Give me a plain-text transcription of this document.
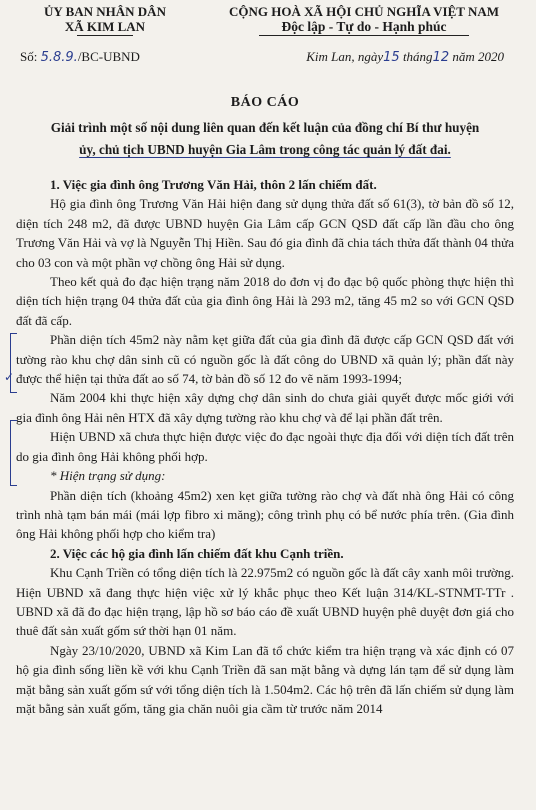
ỦY BAN NHÂN DÂN
XÃ KIM LAN
CỘNG HOÀ XÃ HỘI CHỦ NGHĨA VIỆT NAM
Độc lập - Tự do - Hạnh phúc
Số: 5.8.9./BC-UBND	Kim Lan, ngày15 tháng12 năm 2020
BÁO CÁO
Giải trình một số nội dung liên quan đến kết luận của đồng chí Bí thư huyện
ủy, chủ tịch UBND huyện Gia Lâm trong công tác quản lý đất đai.

1. Việc gia đình ông Trương Văn Hải, thôn 2 lấn chiếm đất.

Hộ gia đình ông Trương Văn Hải hiện đang sử dụng thửa đất số 61(3), tờ bản đồ số 12, diện tích 248 m2, đã được UBND huyện Gia Lâm cấp GCN QSD đất cấp lần đầu cho ông Trương Văn Hải và vợ là Nguyễn Thị Hiền. Sau đó gia đình đã chia tách thửa đất thành 04 thửa cho 03 con và một phần vợ chồng ông Hải sử dụng.

Theo kết quả đo đạc hiện trạng năm 2018 do đơn vị đo đạc bộ quốc phòng thực hiện thì diện tích hiện trạng 04 thửa đất của gia đình ông Hải là 293 m2, tăng 45 m2 so với GCN QSD đất đã cấp.

Phần diện tích 45m2 này nằm kẹt giữa đất của gia đình đã được cấp GCN QSD đất với tường rào khu chợ dân sinh cũ có nguồn gốc là đất công do UBND xã quản lý; phần đất này được thể hiện tại thửa đất ao số 74, tờ bản đồ số 12 đo vẽ năm 1993-1994;

Năm 2004 khi thực hiện xây dựng chợ dân sinh do chưa giải quyết được mốc giới với gia đình ông Hải nên HTX đã xây dựng tường rào khu chợ và để lại phần đất trên.

Hiện UBND xã chưa thực hiện được việc đo đạc ngoài thực địa đối với diện tích đất trên do gia đình ông Hải không phối hợp.

* Hiện trạng sử dụng:

Phần diện tích (khoảng 45m2) xen kẹt giữa tường rào chợ và đất nhà ông Hải có công trình nhà tạm bán mái (mái lợp fibro xi măng); công trình phụ có bể nước phía trên. (Gia đình ông Hải không phối hợp cho kiểm tra)

2. Việc các hộ gia đình lấn chiếm đất khu Cạnh triền.

Khu Cạnh Triền có tổng diện tích là 22.975m2 có nguồn gốc là đất cây xanh môi trường. Hiện UBND xã đang thực hiện việc xử lý khắc phục theo Kết luận 314/KL-STNMT-TTr . UBND xã đã đo đạc hiện trạng, lập hồ sơ báo cáo đề xuất UBND huyện phê duyệt đơn giá cho thuê đất sản xuất gốm sứ thời hạn 01 năm.

Ngày 23/10/2020, UBND xã Kim Lan đã tổ chức kiểm tra hiện trạng và xác định có 07 hộ gia đình sống liền kề với khu Cạnh Triền đã san mặt bằng và dựng lán tạm để sử dụng làm mặt bằng sản xuất gốm sứ với tổng diện tích là 1.504m2. Các hộ trên đã lấn chiếm sử dụng làm mặt bằng sản xuất gốm, tăng gia chăn nuôi gia cầm từ trước năm 2014

✓
